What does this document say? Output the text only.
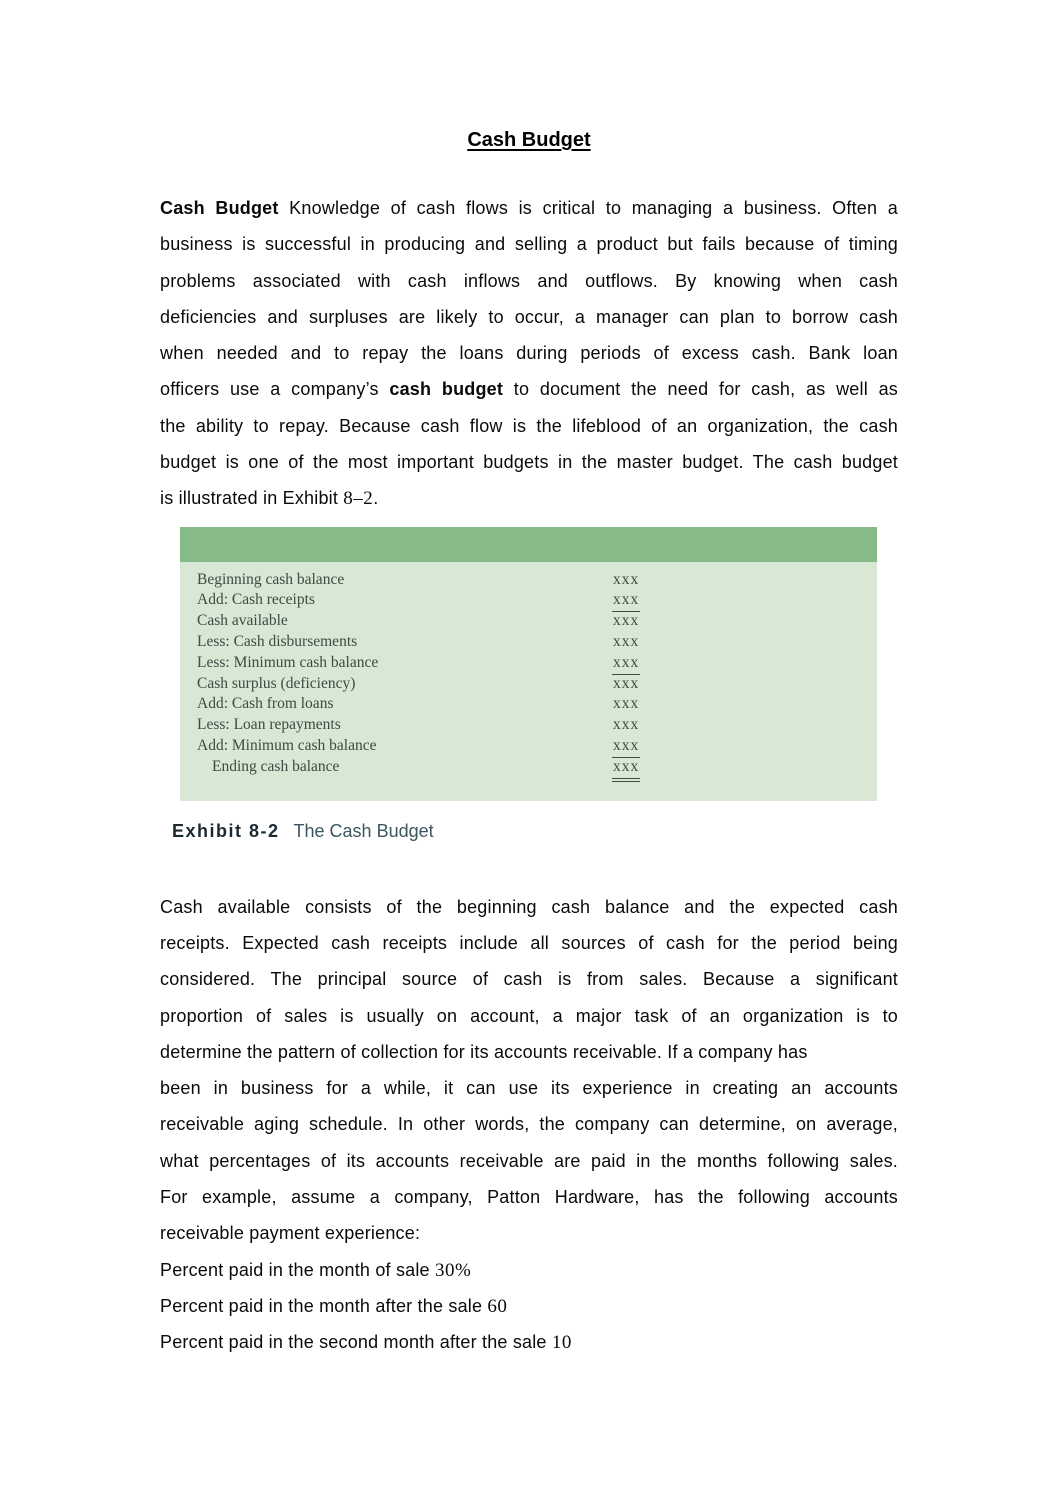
Cash Budget
Cash Budget Knowledge of cash flows is critical to managing a business. Often a
business is successful in producing and selling a product but fails because of timing
problems associated with cash inflows and outflows. By knowing when cash
deficiencies and surpluses are likely to occur, a manager can plan to borrow cash
when needed and to repay the loans during periods of excess cash. Bank loan
officers use a company’s cash budget to document the need for cash, as well as
the ability to repay. Because cash flow is the lifeblood of an organization, the cash
budget is one of the most important budgets in the master budget. The cash budget
is illustrated in Exhibit 8–2.
Beginning cash balance	xxx
Add: Cash receipts	xxx
Cash available	xxx
Less: Cash disbursements	xxx
Less: Minimum cash balance	xxx
Cash surplus (deficiency)	xxx
Add: Cash from loans	xxx
Less: Loan repayments	xxx
Add: Minimum cash balance	xxx
Ending cash balance	xxx
Exhibit 8-2 The Cash Budget
Cash available consists of the beginning cash balance and the expected cash
receipts. Expected cash receipts include all sources of cash for the period being
considered. The principal source of cash is from sales. Because a significant
proportion of sales is usually on account, a major task of an organization is to
determine the pattern of collection for its accounts receivable. If a company has
been in business for a while, it can use its experience in creating an accounts
receivable aging schedule. In other words, the company can determine, on average,
what percentages of its accounts receivable are paid in the months following sales.
For example, assume a company, Patton Hardware, has the following accounts
receivable payment experience:
Percent paid in the month of sale 30%
Percent paid in the month after the sale 60
Percent paid in the second month after the sale 10
